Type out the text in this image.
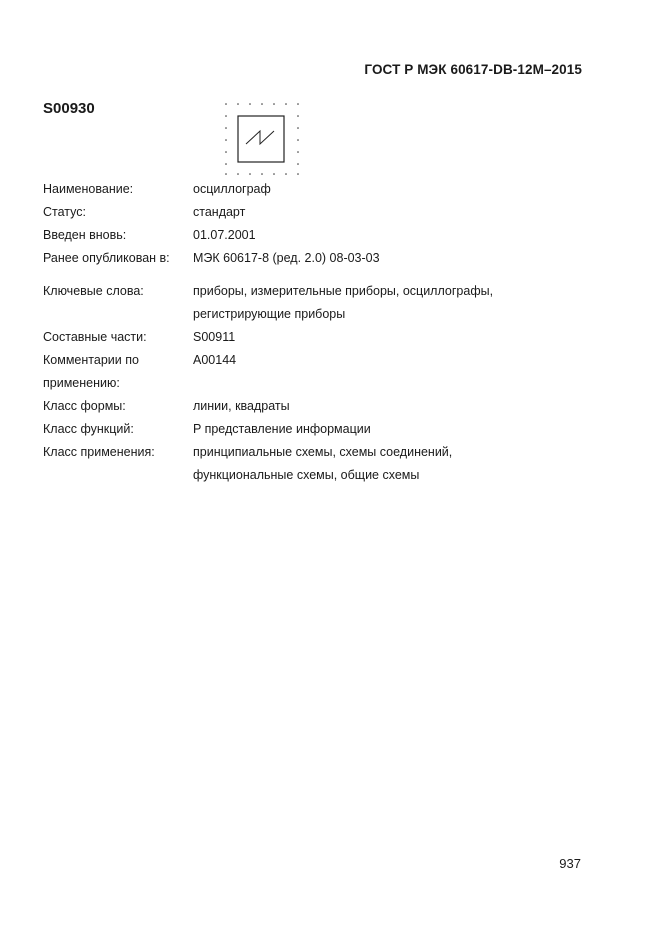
ГОСТ Р МЭК 60617-DB-12M–2015
S00930
Наименование:	осциллограф
Статус:	стандарт
Введен вновь:	01.07.2001
Ранее опубликован в:	МЭК 60617-8 (ред. 2.0) 08-03-03
Ключевые слова:	приборы, измерительные приборы, осциллографы,
регистрирующие приборы
Составные части:	S00911
Комментарии по	A00144
применению:
Класс формы:	линии, квадраты
Класс функций:	P представление информации
Класс применения:	принципиальные схемы, схемы соединений,
функциональные схемы, общие схемы
937
